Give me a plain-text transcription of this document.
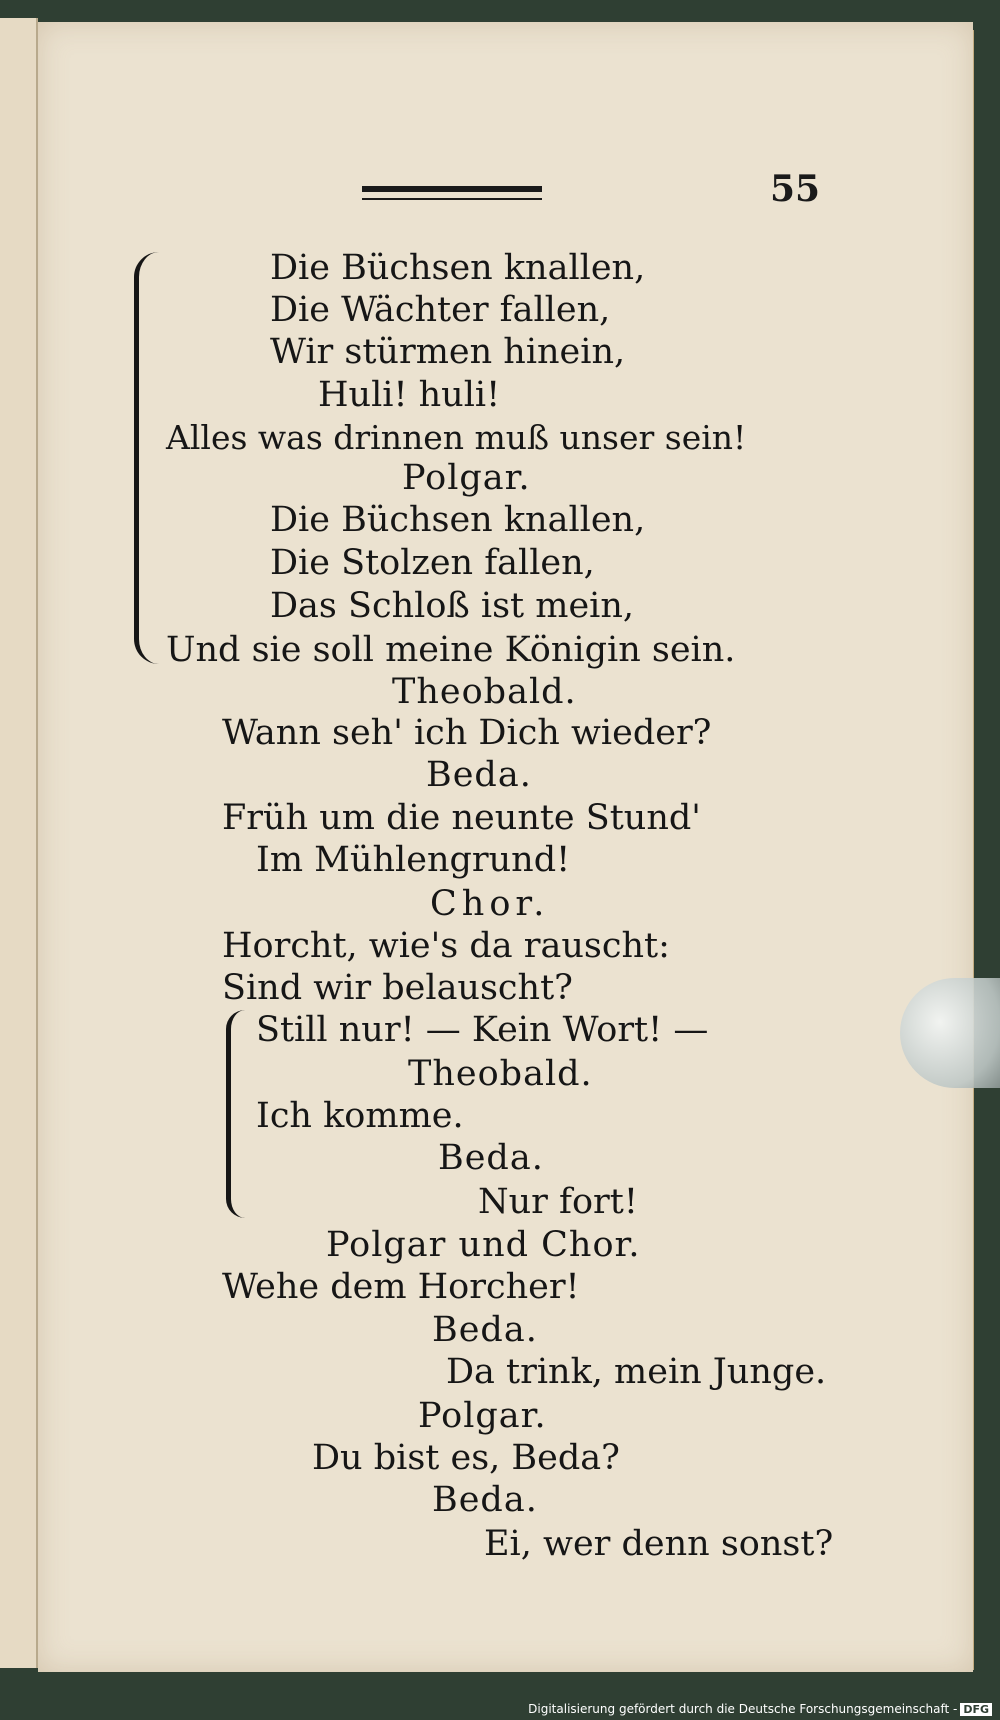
55
Die Büchsen knallen,
Die Wächter fallen,
Wir stürmen hinein,
Huli! huli!
Alles was drinnen muß unser sein!
Polgar.
Die Büchsen knallen,
Die Stolzen fallen,
Das Schloß ist mein,
Und sie soll meine Königin sein.
Theobald.
Wann seh' ich Dich wieder?
Beda.
Früh um die neunte Stund'
Im Mühlengrund!
Chor.
Horcht, wie's da rauscht:
Sind wir belauscht?
Still nur! — Kein Wort! —
Theobald.
Ich komme.
Beda.
Nur fort!
Polgar und Chor.
Wehe dem Horcher!
Beda.
Da trink, mein Junge.
Polgar.
Du bist es, Beda?
Beda.
Ei, wer denn sonst?
Digitalisierung gefördert durch die Deutsche Forschungsgemeinschaft - DFG
